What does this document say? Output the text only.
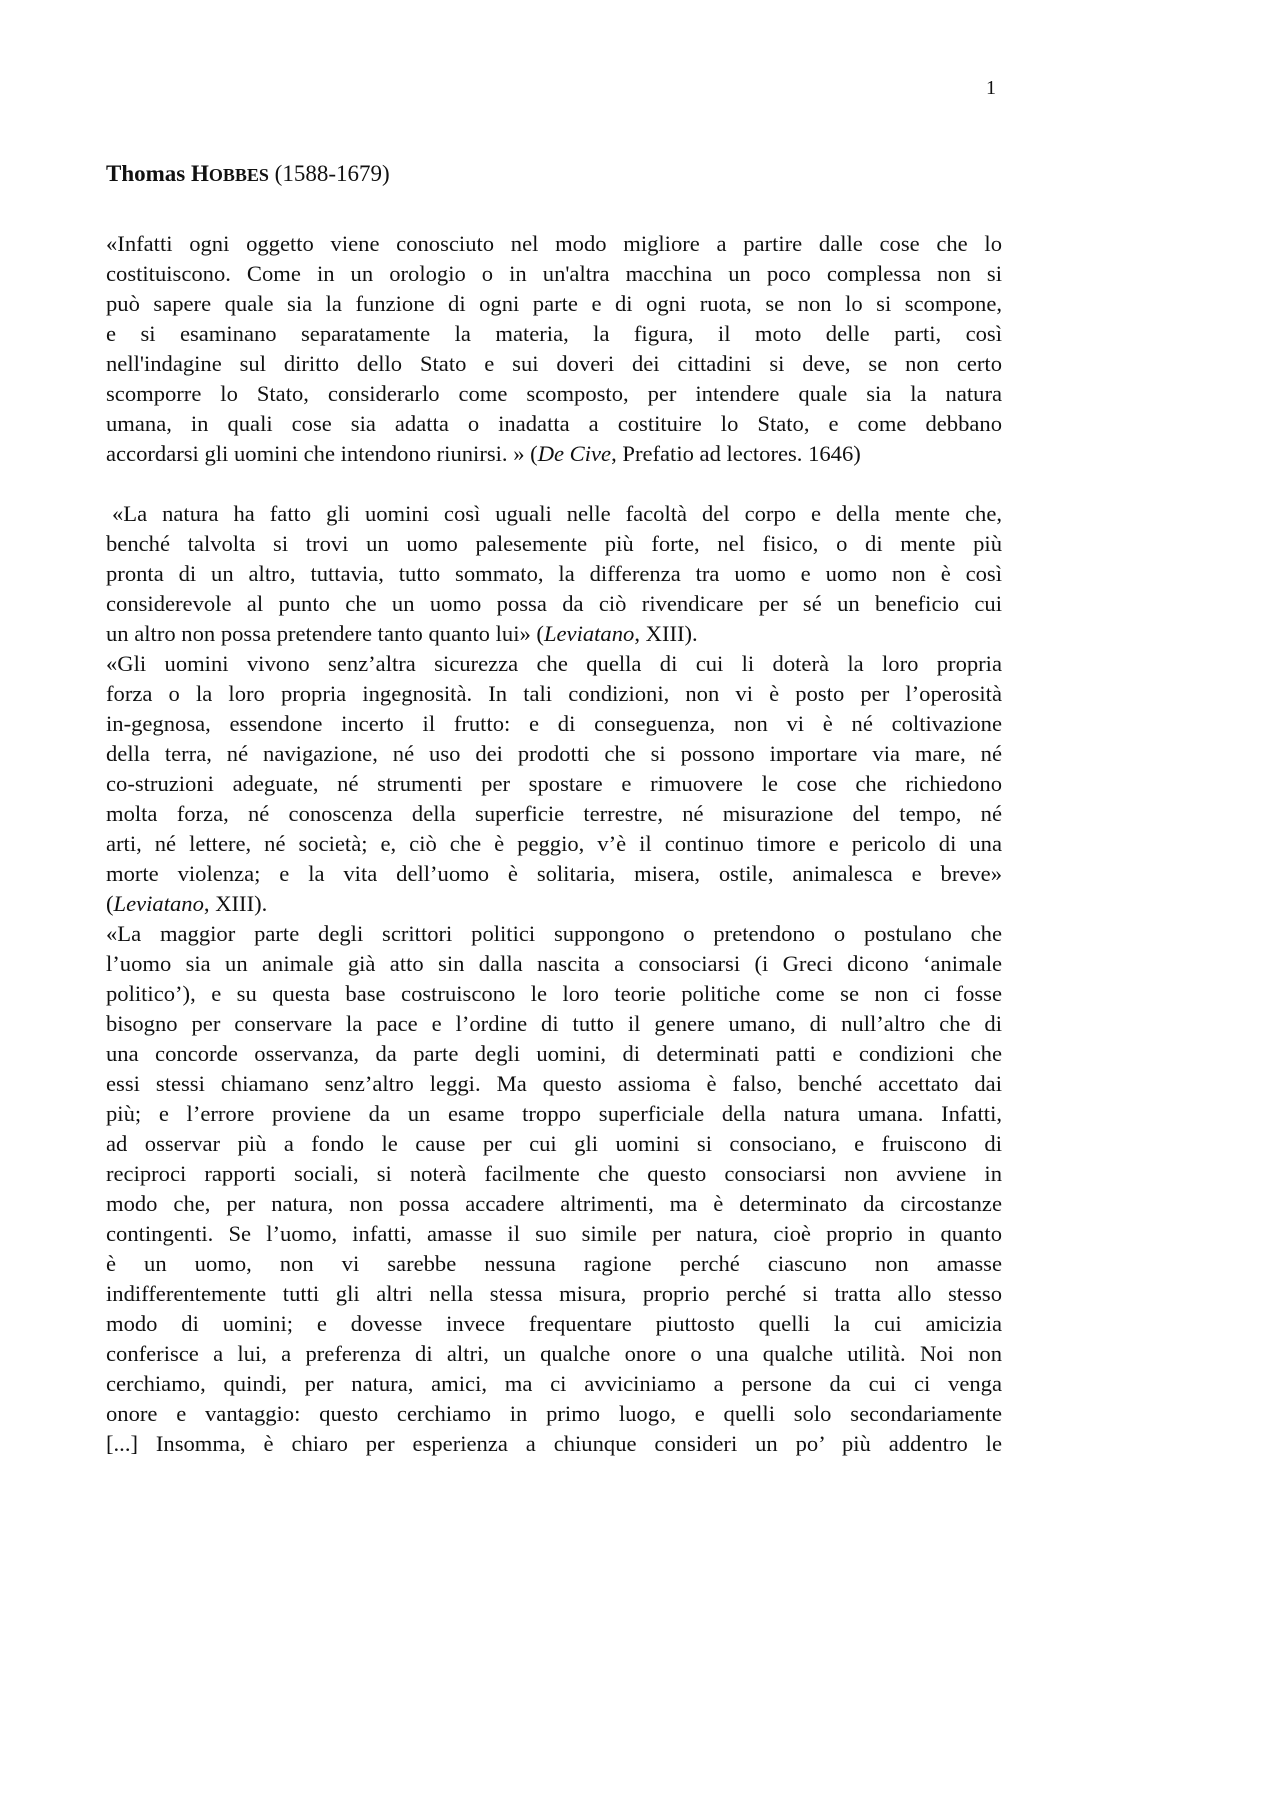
1
Thomas HOBBES (1588-1679)
«Infatti ogni oggetto viene conosciuto nel modo migliore a partire dalle cose che lo
costituiscono. Come in un orologio o in un'altra macchina un poco complessa non si
può sapere quale sia la funzione di ogni parte e di ogni ruota, se non lo si scompone,
e si esaminano separatamente la materia, la figura, il moto delle parti, così
nell'indagine sul diritto dello Stato e sui doveri dei cittadini si deve, se non certo
scomporre lo Stato, considerarlo come scomposto, per intendere quale sia la natura
umana, in quali cose sia adatta o inadatta a costituire lo Stato, e come debbano
accordarsi gli uomini che intendono riunirsi. » (De Cive, Prefatio ad lectores. 1646)
«La natura ha fatto gli uomini così uguali nelle facoltà del corpo e della mente che,
benché talvolta si trovi un uomo palesemente più forte, nel fisico, o di mente più
pronta di un altro, tuttavia, tutto sommato, la differenza tra uomo e uomo non è così
considerevole al punto che un uomo possa da ciò rivendicare per sé un beneficio cui
un altro non possa pretendere tanto quanto lui» (Leviatano, XIII).
«Gli uomini vivono senz’altra sicurezza che quella di cui li doterà la loro propria
forza o la loro propria ingegnosità. In tali condizioni, non vi è posto per l’operosità
in-gegnosa, essendone incerto il frutto: e di conseguenza, non vi è né coltivazione
della terra, né navigazione, né uso dei prodotti che si possono importare via mare, né
co-struzioni adeguate, né strumenti per spostare e rimuovere le cose che richiedono
molta forza, né conoscenza della superficie terrestre, né misurazione del tempo, né
arti, né lettere, né società; e, ciò che è peggio, v’è il continuo timore e pericolo di una
morte violenza; e la vita dell’uomo è solitaria, misera, ostile, animalesca e breve»
(Leviatano, XIII).
«La maggior parte degli scrittori politici suppongono o pretendono o postulano che
l’uomo sia un animale già atto sin dalla nascita a consociarsi (i Greci dicono ‘animale
politico’), e su questa base costruiscono le loro teorie politiche come se non ci fosse
bisogno per conservare la pace e l’ordine di tutto il genere umano, di null’altro che di
una concorde osservanza, da parte degli uomini, di determinati patti e condizioni che
essi stessi chiamano senz’altro leggi. Ma questo assioma è falso, benché accettato dai
più; e l’errore proviene da un esame troppo superficiale della natura umana. Infatti,
ad osservar più a fondo le cause per cui gli uomini si consociano, e fruiscono di
reciproci rapporti sociali, si noterà facilmente che questo consociarsi non avviene in
modo che, per natura, non possa accadere altrimenti, ma è determinato da circostanze
contingenti. Se l’uomo, infatti, amasse il suo simile per natura, cioè proprio in quanto
è un uomo, non vi sarebbe nessuna ragione perché ciascuno non amasse
indifferentemente tutti gli altri nella stessa misura, proprio perché si tratta allo stesso
modo di uomini; e dovesse invece frequentare piuttosto quelli la cui amicizia
conferisce a lui, a preferenza di altri, un qualche onore o una qualche utilità. Noi non
cerchiamo, quindi, per natura, amici, ma ci avviciniamo a persone da cui ci venga
onore e vantaggio: questo cerchiamo in primo luogo, e quelli solo secondariamente
[...] Insomma, è chiaro per esperienza a chiunque consideri un po’ più addentro le
